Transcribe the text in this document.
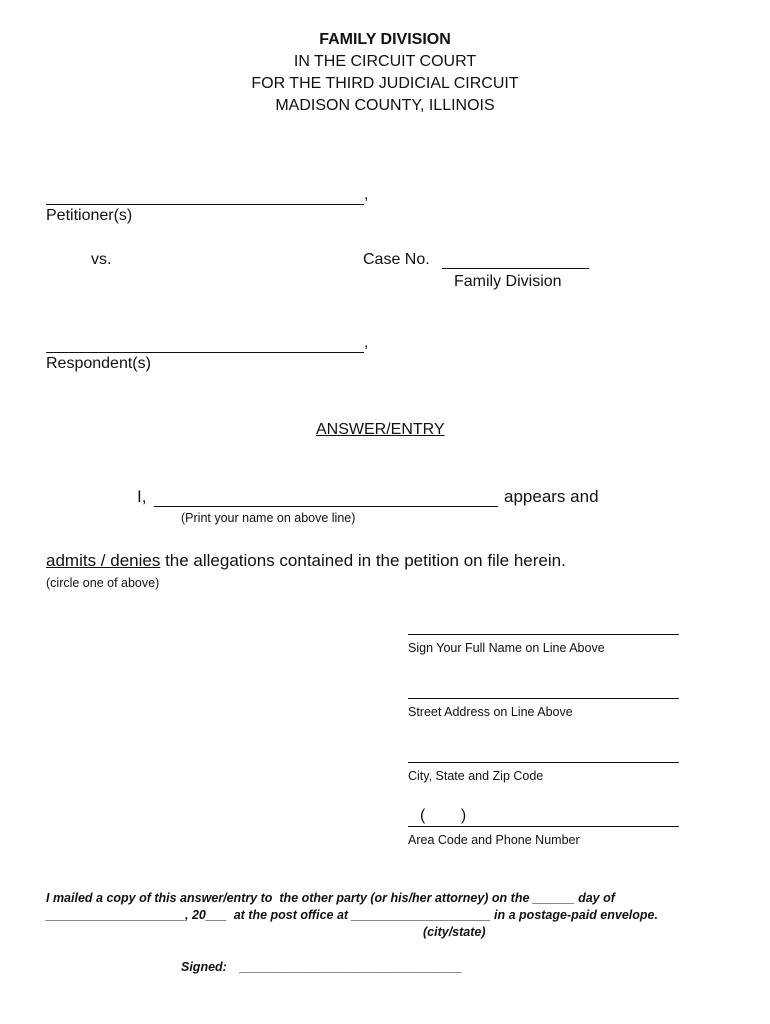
FAMILY DIVISION
IN THE CIRCUIT COURT
FOR THE THIRD JUDICIAL CIRCUIT
MADISON COUNTY, ILLINOIS
,
Petitioner(s)
vs.	Case No.
Family Division
,
Respondent(s)
ANSWER/ENTRY
I,	appears and
(Print your name on above line)
admits / denies the allegations contained in the petition on file herein.
(circle one of above)
Sign Your Full Name on Line Above
Street Address on Line Above
City, State and Zip Code
(        )
Area Code and Phone Number
I mailed a copy of this answer/entry to  the other party (or his/her attorney) on the ______ day of
____________________, 20___  at the post office at ____________________ in a postage-paid envelope.
(city/state)
Signed: ________________________________
